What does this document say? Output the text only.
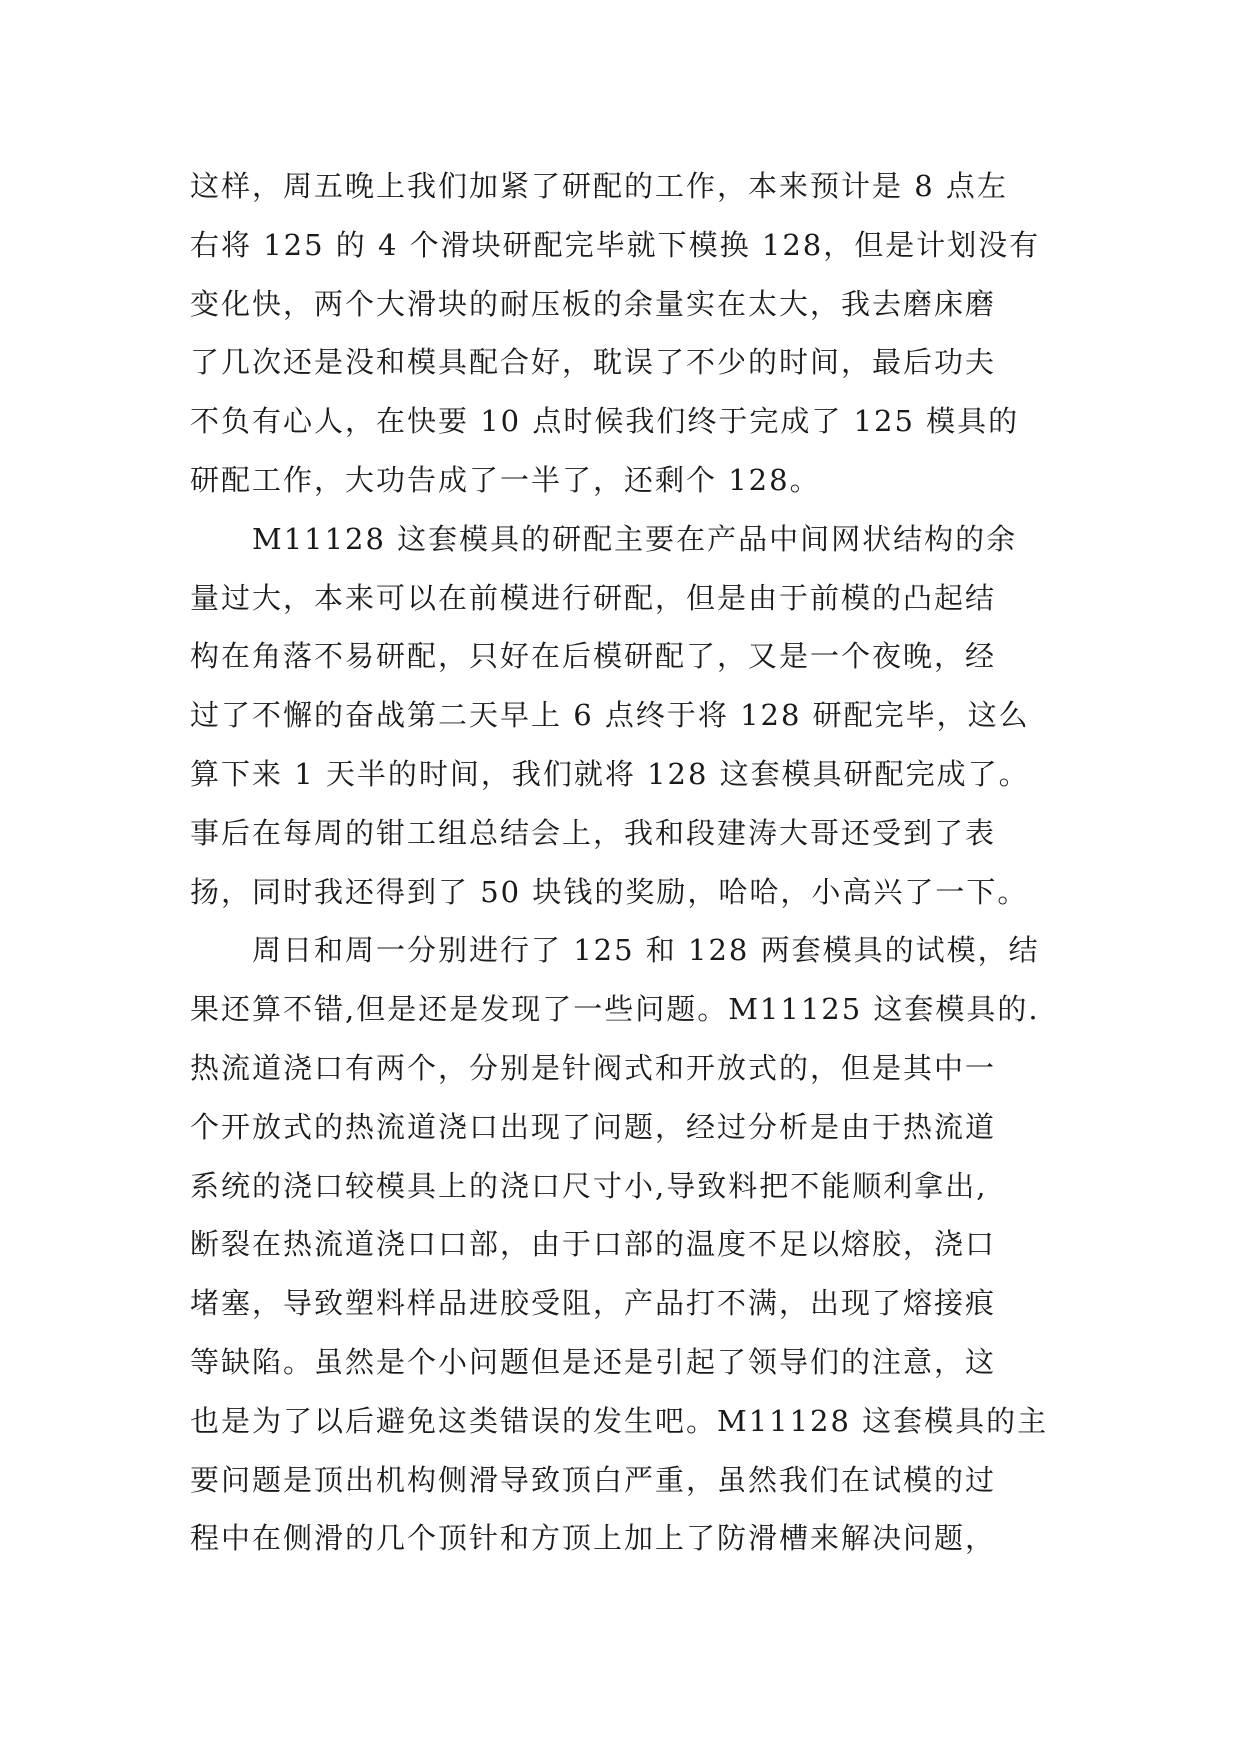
这样，周五晚上我们加紧了研配的工作，本来预计是 8 点左
右将 125 的 4 个滑块研配完毕就下模换 128，但是计划没有
变化快，两个大滑块的耐压板的余量实在太大，我去磨床磨
了几次还是没和模具配合好，耽误了不少的时间，最后功夫
不负有心人，在快要 10 点时候我们终于完成了 125 模具的
研配工作，大功告成了一半了，还剩个 128。
M11128 这套模具的研配主要在产品中间网状结构的余
量过大，本来可以在前模进行研配，但是由于前模的凸起结
构在角落不易研配，只好在后模研配了，又是一个夜晚，经
过了不懈的奋战第二天早上 6 点终于将 128 研配完毕，这么
算下来 1 天半的时间，我们就将 128 这套模具研配完成了。
事后在每周的钳工组总结会上，我和段建涛大哥还受到了表
扬，同时我还得到了 50 块钱的奖励，哈哈，小高兴了一下。
周日和周一分别进行了 125 和 128 两套模具的试模，结
果还算不错,但是还是发现了一些问题。M11125 这套模具的.
热流道浇口有两个，分别是针阀式和开放式的，但是其中一
个开放式的热流道浇口出现了问题，经过分析是由于热流道
系统的浇口较模具上的浇口尺寸小,导致料把不能顺利拿出,
断裂在热流道浇口口部，由于口部的温度不足以熔胶，浇口
堵塞，导致塑料样品进胶受阻，产品打不满，出现了熔接痕
等缺陷。虽然是个小问题但是还是引起了领导们的注意，这
也是为了以后避免这类错误的发生吧。M11128 这套模具的主
要问题是顶出机构侧滑导致顶白严重，虽然我们在试模的过
程中在侧滑的几个顶针和方顶上加上了防滑槽来解决问题，
